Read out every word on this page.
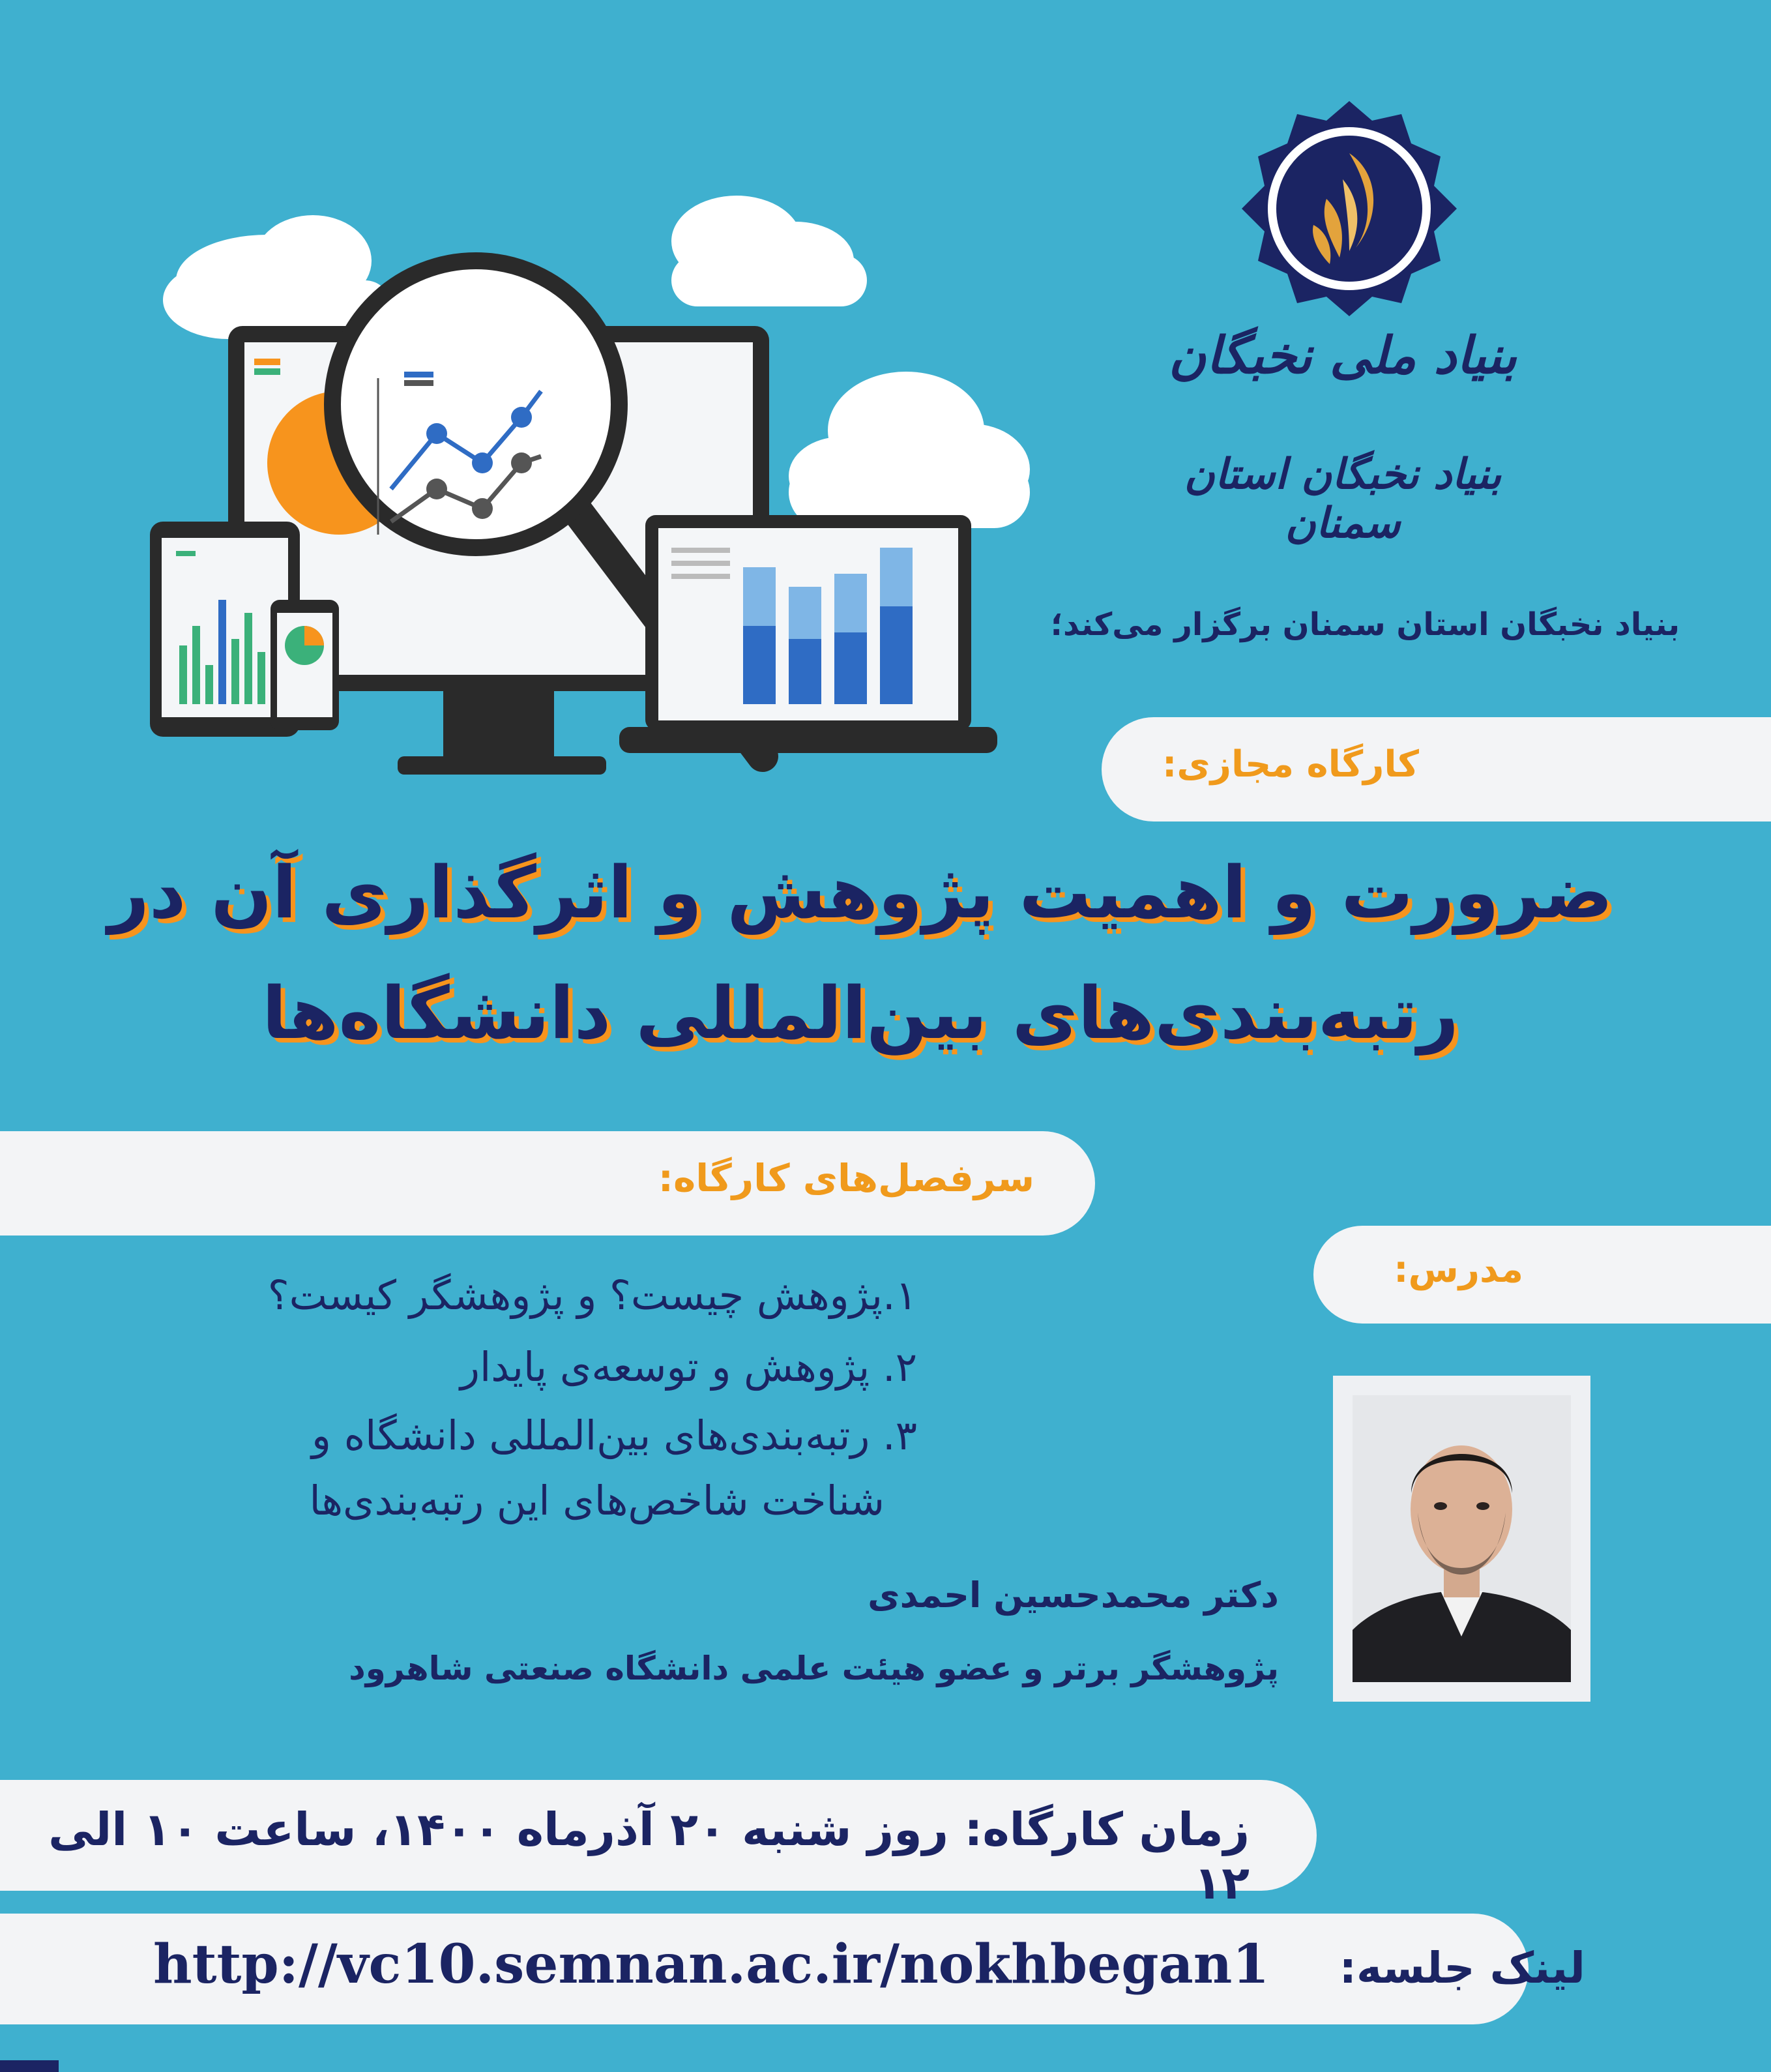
بنیاد ملی نخبگان
بنیاد نخبگان استان سمنان
بنیاد نخبگان استان سمنان برگزار می‌کند؛
کارگاه مجازی:
ضرورت و اهمیت پژوهش و اثرگذاری آن در
رتبه‌بندی‌های بین‌المللی دانشگاه‌ها
سرفصل‌های کارگاه:
مدرس:
۱.پژوهش چیست؟ و پژوهشگر کیست؟
۲. پژوهش و توسعه‌ی پایدار
۳. رتبه‌بندی‌های بین‌المللی دانشگاه و
شناخت شاخص‌های این رتبه‌بندی‌ها
دکتر محمدحسین احمدی
پژوهشگر برتر و عضو هیئت علمی دانشگاه صنعتی شاهرود
زمان کارگاه: روز شنبه ۲۰ آذرماه ۱۴۰۰، ساعت ۱۰ الی ۱۲
http://vc10.semnan.ac.ir/nokhbegan1 لینک جلسه:
